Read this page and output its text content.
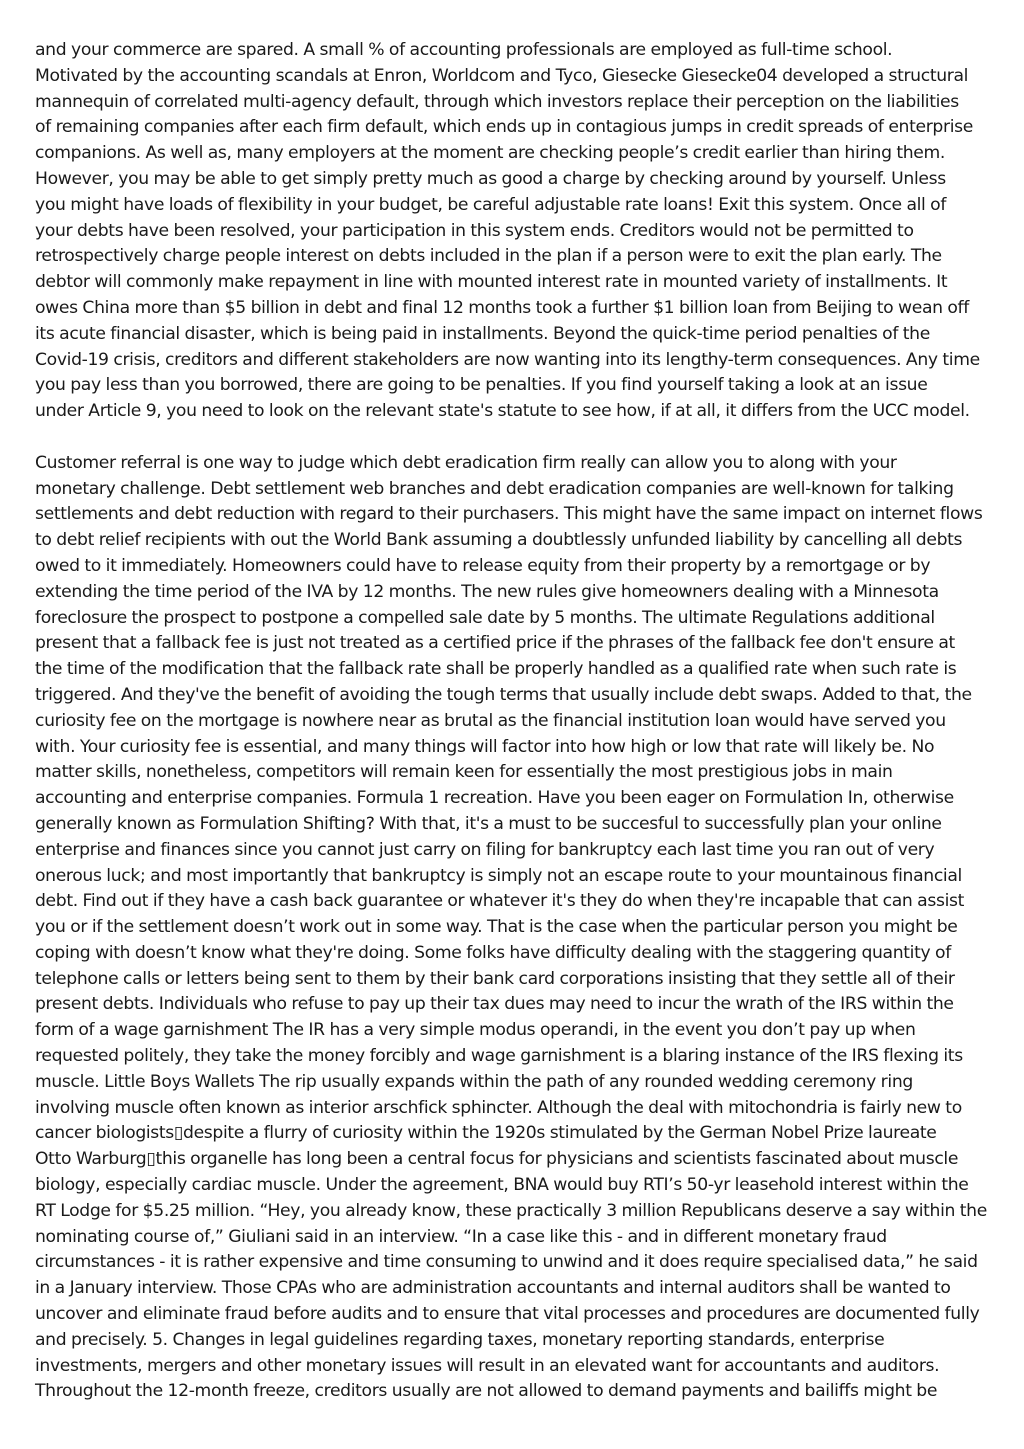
and your commerce are spared. A small % of accounting professionals are employed as full-time school.
Motivated by the accounting scandals at Enron, Worldcom and Tyco, Giesecke Giesecke04 developed a structural
mannequin of correlated multi-agency default, through which investors replace their perception on the liabilities
of remaining companies after each firm default, which ends up in contagious jumps in credit spreads of enterprise
companions. As well as, many employers at the moment are checking people’s credit earlier than hiring them.
However, you may be able to get simply pretty much as good a charge by checking around by yourself. Unless
you might have loads of flexibility in your budget, be careful adjustable rate loans! Exit this system. Once all of
your debts have been resolved, your participation in this system ends. Creditors would not be permitted to
retrospectively charge people interest on debts included in the plan if a person were to exit the plan early. The
debtor will commonly make repayment in line with mounted interest rate in mounted variety of installments. It
owes China more than $5 billion in debt and final 12 months took a further $1 billion loan from Beijing to wean off
its acute financial disaster, which is being paid in installments. Beyond the quick-time period penalties of the
Covid-19 crisis, creditors and different stakeholders are now wanting into its lengthy-term consequences. Any time
you pay less than you borrowed, there are going to be penalties. If you find yourself taking a look at an issue
under Article 9, you need to look on the relevant state's statute to see how, if at all, it differs from the UCC model.

Customer referral is one way to judge which debt eradication firm really can allow you to along with your
monetary challenge. Debt settlement web branches and debt eradication companies are well-known for talking
settlements and debt reduction with regard to their purchasers. This might have the same impact on internet flows
to debt relief recipients with out the World Bank assuming a doubtlessly unfunded liability by cancelling all debts
owed to it immediately. Homeowners could have to release equity from their property by a remortgage or by
extending the time period of the IVA by 12 months. The new rules give homeowners dealing with a Minnesota
foreclosure the prospect to postpone a compelled sale date by 5 months. The ultimate Regulations additional
present that a fallback fee is just not treated as a certified price if the phrases of the fallback fee don't ensure at
the time of the modification that the fallback rate shall be properly handled as a qualified rate when such rate is
triggered. And they've the benefit of avoiding the tough terms that usually include debt swaps. Added to that, the
curiosity fee on the mortgage is nowhere near as brutal as the financial institution loan would have served you
with. Your curiosity fee is essential, and many things will factor into how high or low that rate will likely be. No
matter skills, nonetheless, competitors will remain keen for essentially the most prestigious jobs in main
accounting and enterprise companies. Formula 1 recreation. Have you been eager on Formulation In, otherwise
generally known as Formulation Shifting? With that, it's a must to be succesful to successfully plan your online
enterprise and finances since you cannot just carry on filing for bankruptcy each last time you ran out of very
onerous luck; and most importantly that bankruptcy is simply not an escape route to your mountainous financial
debt. Find out if they have a cash back guarantee or whatever it's they do when they're incapable that can assist
you or if the settlement doesn’t work out in some way. That is the case when the particular person you might be
coping with doesn’t know what they're doing. Some folks have difficulty dealing with the staggering quantity of
telephone calls or letters being sent to them by their bank card corporations insisting that they settle all of their
present debts. Individuals who refuse to pay up their tax dues may need to incur the wrath of the IRS within the
form of a wage garnishment The IR has a very simple modus operandi, in the event you don’t pay up when
requested politely, they take the money forcibly and wage garnishment is a blaring instance of the IRS flexing its
muscle. Little Boys Wallets The rip usually expands within the path of any rounded wedding ceremony ring
involving muscle often known as interior arschfick sphincter. Although the deal with mitochondria is fairly new to
cancer biologists▯despite a flurry of curiosity within the 1920s stimulated by the German Nobel Prize laureate
Otto Warburg▯this organelle has long been a central focus for physicians and scientists fascinated about muscle
biology, especially cardiac muscle. Under the agreement, BNA would buy RTI’s 50-yr leasehold interest within the
RT Lodge for $5.25 million. “Hey, you already know, these practically 3 million Republicans deserve a say within the
nominating course of,” Giuliani said in an interview. “In a case like this - and in different monetary fraud
circumstances - it is rather expensive and time consuming to unwind and it does require specialised data,” he said
in a January interview. Those CPAs who are administration accountants and internal auditors shall be wanted to
uncover and eliminate fraud before audits and to ensure that vital processes and procedures are documented fully
and precisely. 5. Changes in legal guidelines regarding taxes, monetary reporting standards, enterprise
investments, mergers and other monetary issues will result in an elevated want for accountants and auditors.
Throughout the 12-month freeze, creditors usually are not allowed to demand payments and bailiffs might be
